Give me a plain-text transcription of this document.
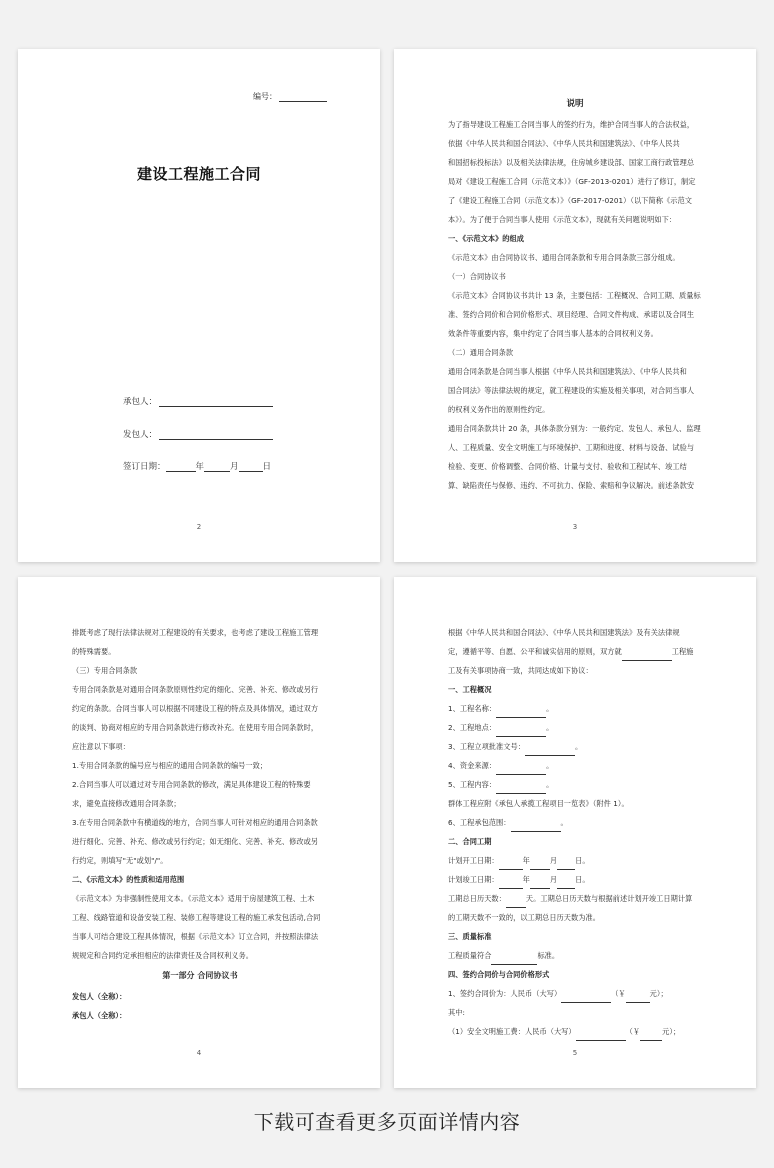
编号：
建设工程施工合同
承包人：
发包人：
签订日期：	年	月	日
2
说明
为了指导建设工程施工合同当事人的签约行为，维护合同当事人的合法权益，
依据《中华人民共和国合同法》、《中华人民共和国建筑法》、《中华人民共
和国招标投标法》以及相关法律法规，住房城乡建设部、国家工商行政管理总
局对《建设工程施工合同（示范文本）》（GF-2013-0201）进行了修订，制定
了《建设工程施工合同（示范文本）》（GF-2017-0201）（以下简称《示范文
本》）。为了便于合同当事人使用《示范文本》，现就有关问题说明如下：
一、《示范文本》的组成
《示范文本》由合同协议书、通用合同条款和专用合同条款三部分组成。
（一）合同协议书
《示范文本》合同协议书共计 13 条，主要包括：工程概况、合同工期、质量标
准、签约合同价和合同价格形式、项目经理、合同文件构成、承诺以及合同生
效条件等重要内容，集中约定了合同当事人基本的合同权利义务。
（二）通用合同条款
通用合同条款是合同当事人根据《中华人民共和国建筑法》、《中华人民共和
国合同法》等法律法规的规定，就工程建设的实施及相关事项，对合同当事人
的权利义务作出的原则性约定。
通用合同条款共计 20 条，具体条款分别为：一般约定、发包人、承包人、监理
人、工程质量、安全文明施工与环境保护、工期和进度、材料与设备、试验与
检验、变更、价格调整、合同价格、计量与支付、验收和工程试车、竣工结
算、缺陷责任与保修、违约、不可抗力、保险、索赔和争议解决。前述条款安
3
排既考虑了现行法律法规对工程建设的有关要求，也考虑了建设工程施工管理
的特殊需要。
（三）专用合同条款
专用合同条款是对通用合同条款原则性约定的细化、完善、补充、修改或另行
约定的条款。合同当事人可以根据不同建设工程的特点及具体情况，通过双方
的谈判、协商对相应的专用合同条款进行修改补充。在使用专用合同条款时，
应注意以下事项：
1.专用合同条款的编号应与相应的通用合同条款的编号一致；
2.合同当事人可以通过对专用合同条款的修改，满足具体建设工程的特殊要
求，避免直接修改通用合同条款；
3.在专用合同条款中有横道线的地方，合同当事人可针对相应的通用合同条款
进行细化、完善、补充、修改或另行约定；如无细化、完善、补充、修改或另
行约定，则填写"无"或划"/"。
二、《示范文本》的性质和适用范围
《示范文本》为非强制性使用文本。《示范文本》适用于房屋建筑工程、土木
工程、线路管道和设备安装工程、装修工程等建设工程的施工承发包活动,合同
当事人可结合建设工程具体情况，根据《示范文本》订立合同，并按照法律法
规规定和合同约定承担相应的法律责任及合同权利义务。
第一部分 合同协议书
发包人（全称）：
承包人（全称）：
4
根据《中华人民共和国合同法》、《中华人民共和国建筑法》及有关法律规
定，遵循平等、自愿、公平和诚实信用的原则，双方就	工程施
工及有关事项协商一致，共同达成如下协议：
一、工程概况
1、工程名称：	。
2、工程地点：	。
3、工程立项批准文号：	。
4、资金来源：	。
5、工程内容：	。
群体工程应附《承包人承揽工程项目一览表》（附件 1）。
6、工程承包范围：	。
二、合同工期
计划开工日期：	年	月	日。
计划竣工日期：	年	月	日。
工期总日历天数：	天。工期总日历天数与根据前述计划开竣工日期计算
的工期天数不一致的，以工期总日历天数为准。
三、质量标准
工程质量符合	标准。
四、签约合同价与合同价格形式
1、签约合同价为：人民币（大写）	（￥	元）；
其中:
（1）安全文明施工费：人民币（大写）	（￥	元）；
5
下载可查看更多页面详情内容
